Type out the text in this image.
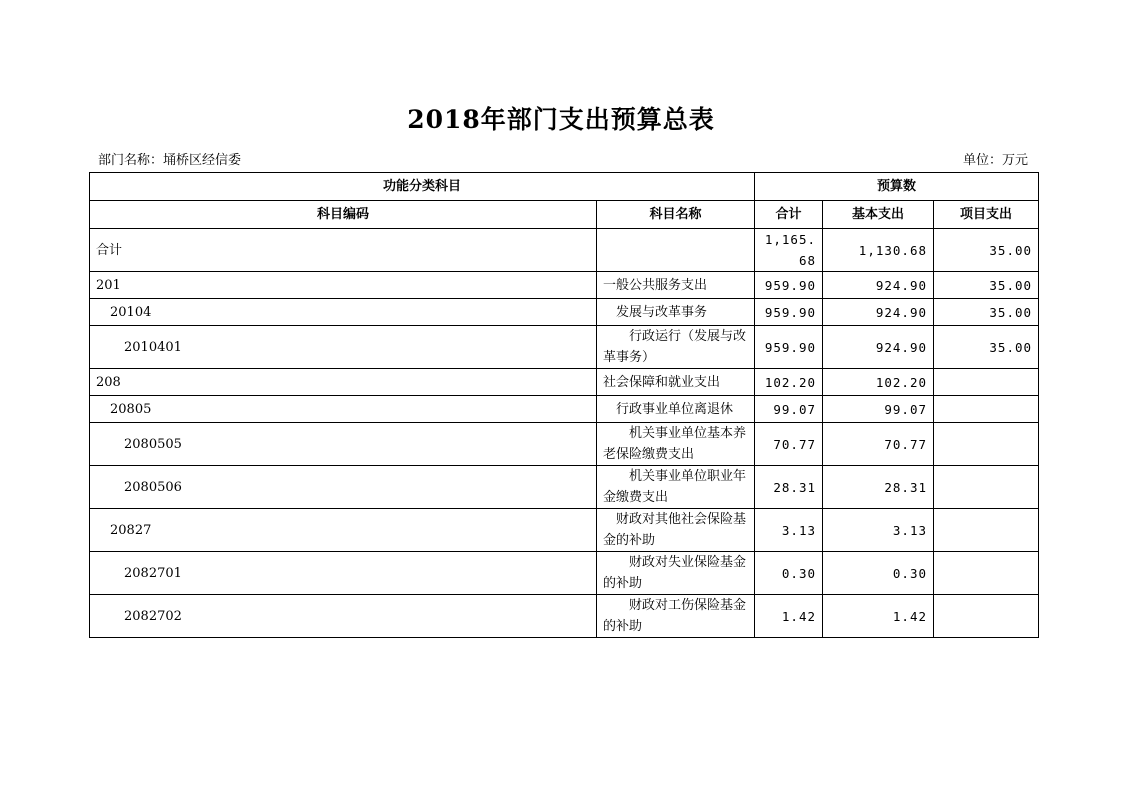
2018年部门支出预算总表
部门名称：埇桥区经信委	单位：万元
功能分类科目		预算数		
科目编码	科目名称	合计	基本支出	项目支出
合计		1,165.68	1,130.68	35.00
201	一般公共服务支出	959.90	924.90	35.00
20104	发展与改革事务	959.90	924.90	35.00
2010401	行政运行（发展与改革事务）	959.90	924.90	35.00
208	社会保障和就业支出	102.20	102.20	
20805	行政事业单位离退休	99.07	99.07	
2080505	机关事业单位基本养老保险缴费支出	70.77	70.77	
2080506	机关事业单位职业年金缴费支出	28.31	28.31	
20827	财政对其他社会保险基金的补助	3.13	3.13	
2082701	财政对失业保险基金的补助	0.30	0.30	
2082702	财政对工伤保险基金的补助	1.42	1.42	
